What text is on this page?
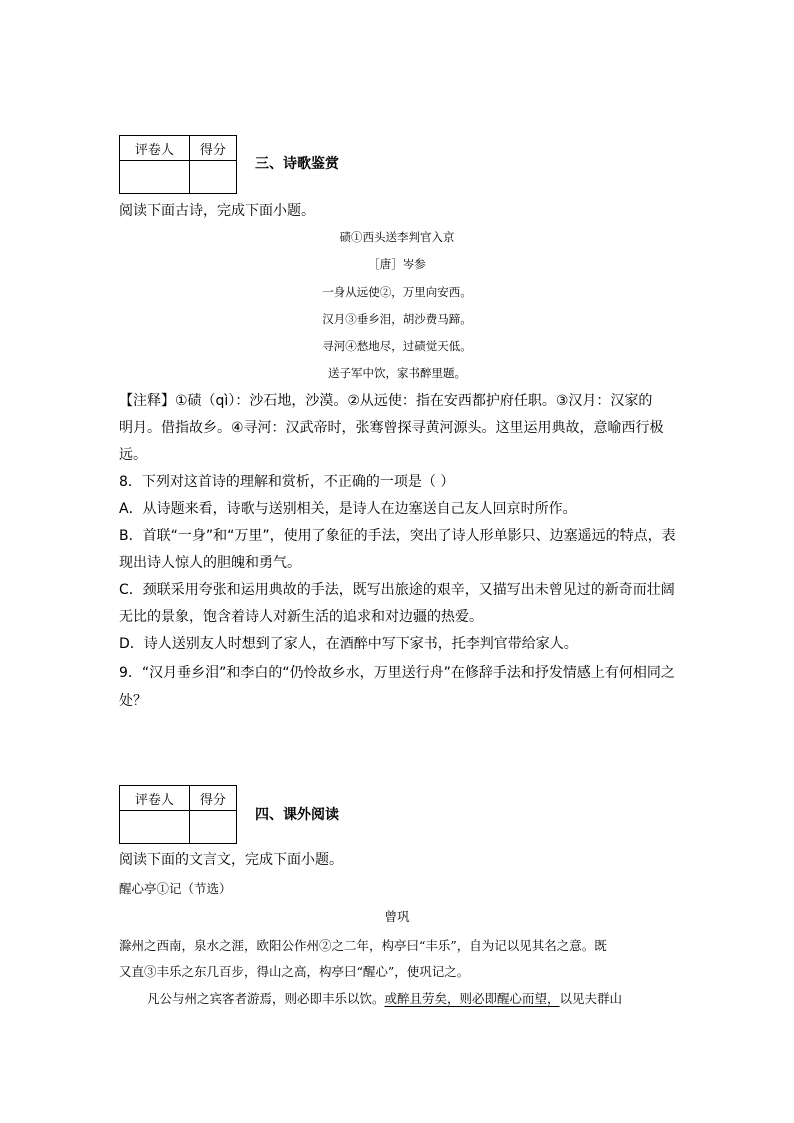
评卷人	得分

三、诗歌鉴赏
阅读下面古诗，完成下面小题。
碛①西头送李判官入京
［唐］岑参
一身从远使②，万里向安西。
汉月③垂乡泪，胡沙费马蹄。
寻河④愁地尽，过碛觉天低。
送子军中饮，家书醉里题。
【注释】①碛（qì）：沙石地，沙漠。②从远使：指在安西都护府任职。③汉月：汉家的
明月。借指故乡。④寻河：汉武帝时，张骞曾探寻黄河源头。这里运用典故，意喻西行极
远。
8．下列对这首诗的理解和赏析，不正确的一项是（ ）
A．从诗题来看，诗歌与送别相关，是诗人在边塞送自己友人回京时所作。
B．首联“一身”和“万里”，使用了象征的手法，突出了诗人形单影只、边塞遥远的特点，表
现出诗人惊人的胆魄和勇气。
C．颈联采用夸张和运用典故的手法，既写出旅途的艰辛，又描写出未曾见过的新奇而壮阔
无比的景象，饱含着诗人对新生活的追求和对边疆的热爱。
D．诗人送别友人时想到了家人，在酒醉中写下家书，托李判官带给家人。
9．“汉月垂乡泪”和李白的“仍怜故乡水，万里送行舟”在修辞手法和抒发情感上有何相同之
处？
评卷人	得分

四、课外阅读
阅读下面的文言文，完成下面小题。
醒心亭①记（节选）
曾巩
滁州之西南，泉水之涯，欧阳公作州②之二年，构亭曰“丰乐”，自为记以见其名之意。既
又直③丰乐之东几百步，得山之高，构亭曰“醒心”，使巩记之。
凡公与州之宾客者游焉，则必即丰乐以饮。或醉且劳矣，则必即醒心而望，以见夫群山
